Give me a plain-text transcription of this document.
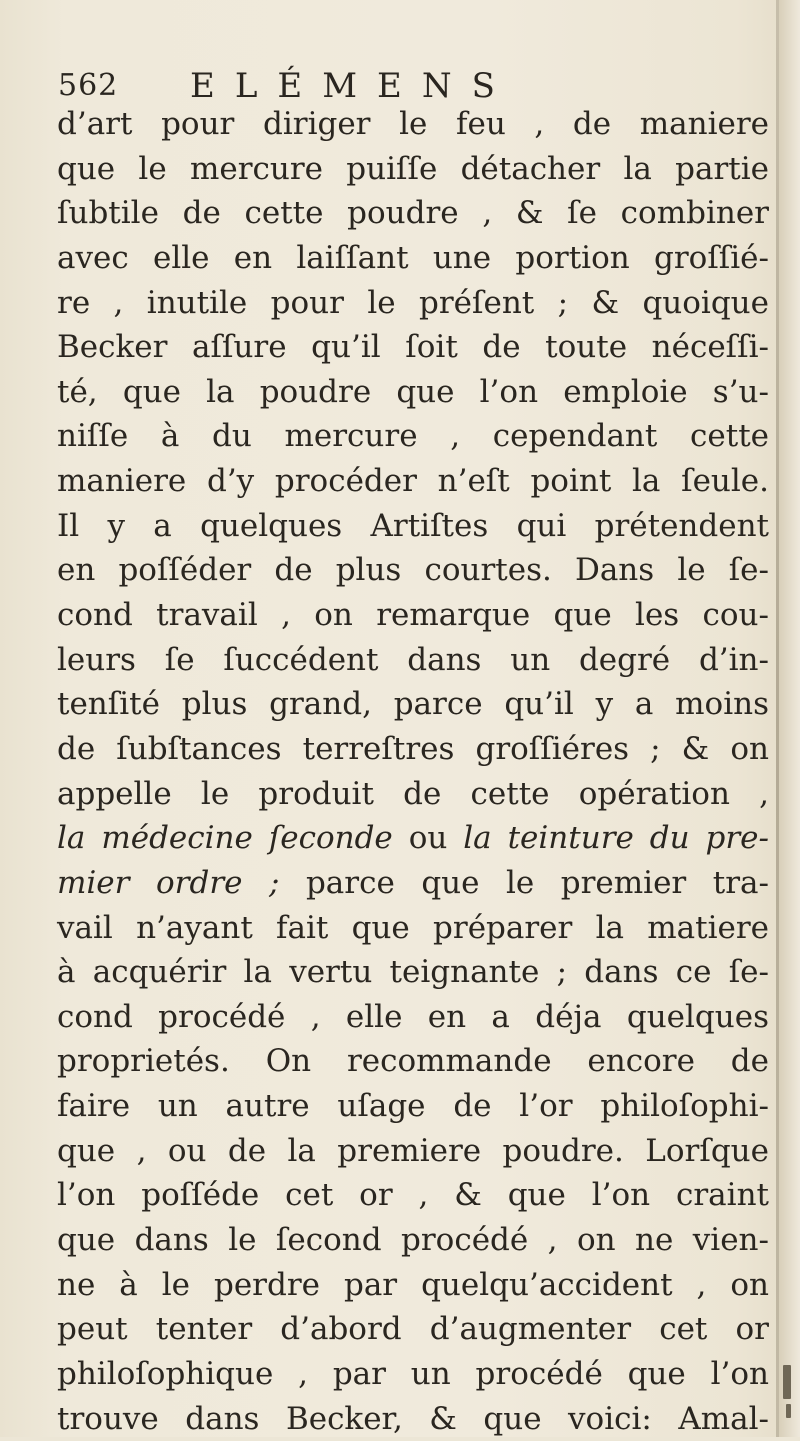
562 ELÉMENS
d’art pour diriger le feu , de maniere
que le mercure puiſſe détacher la partie
ſubtile de cette poudre , & ſe combiner
avec elle en laiſſant une portion groſſié-
re , inutile pour le préſent ; & quoique
Becker aſſure qu’il ſoit de toute néceſſi-
té, que la poudre que l’on emploie s’u-
niſſe à du mercure , cependant cette
maniere d’y procéder n’eſt point la ſeule.
Il y a quelques Artiſtes qui prétendent
en poſſéder de plus courtes. Dans le ſe-
cond travail , on remarque que les cou-
leurs ſe ſuccédent dans un degré d’in-
tenſité plus grand, parce qu’il y a moins
de ſubſtances terreſtres groſſiéres ; & on
appelle le produit de cette opération ,
la médecine ſeconde ou la teinture du pre-
mier ordre ; parce que le premier tra-
vail n’ayant fait que préparer la matiere
à acquérir la vertu teignante ; dans ce ſe-
cond procédé , elle en a déja quelques
proprietés. On recommande encore de
faire un autre uſage de l’or philoſophi-
que , ou de la premiere poudre. Lorſque
l’on poſſéde cet or , & que l’on craint
que dans le ſecond procédé , on ne vien-
ne à le perdre par quelqu’accident , on
peut tenter d’abord d’augmenter cet or
philoſophique , par un procédé que l’on
trouve dans Becker, & que voici: Amal-
